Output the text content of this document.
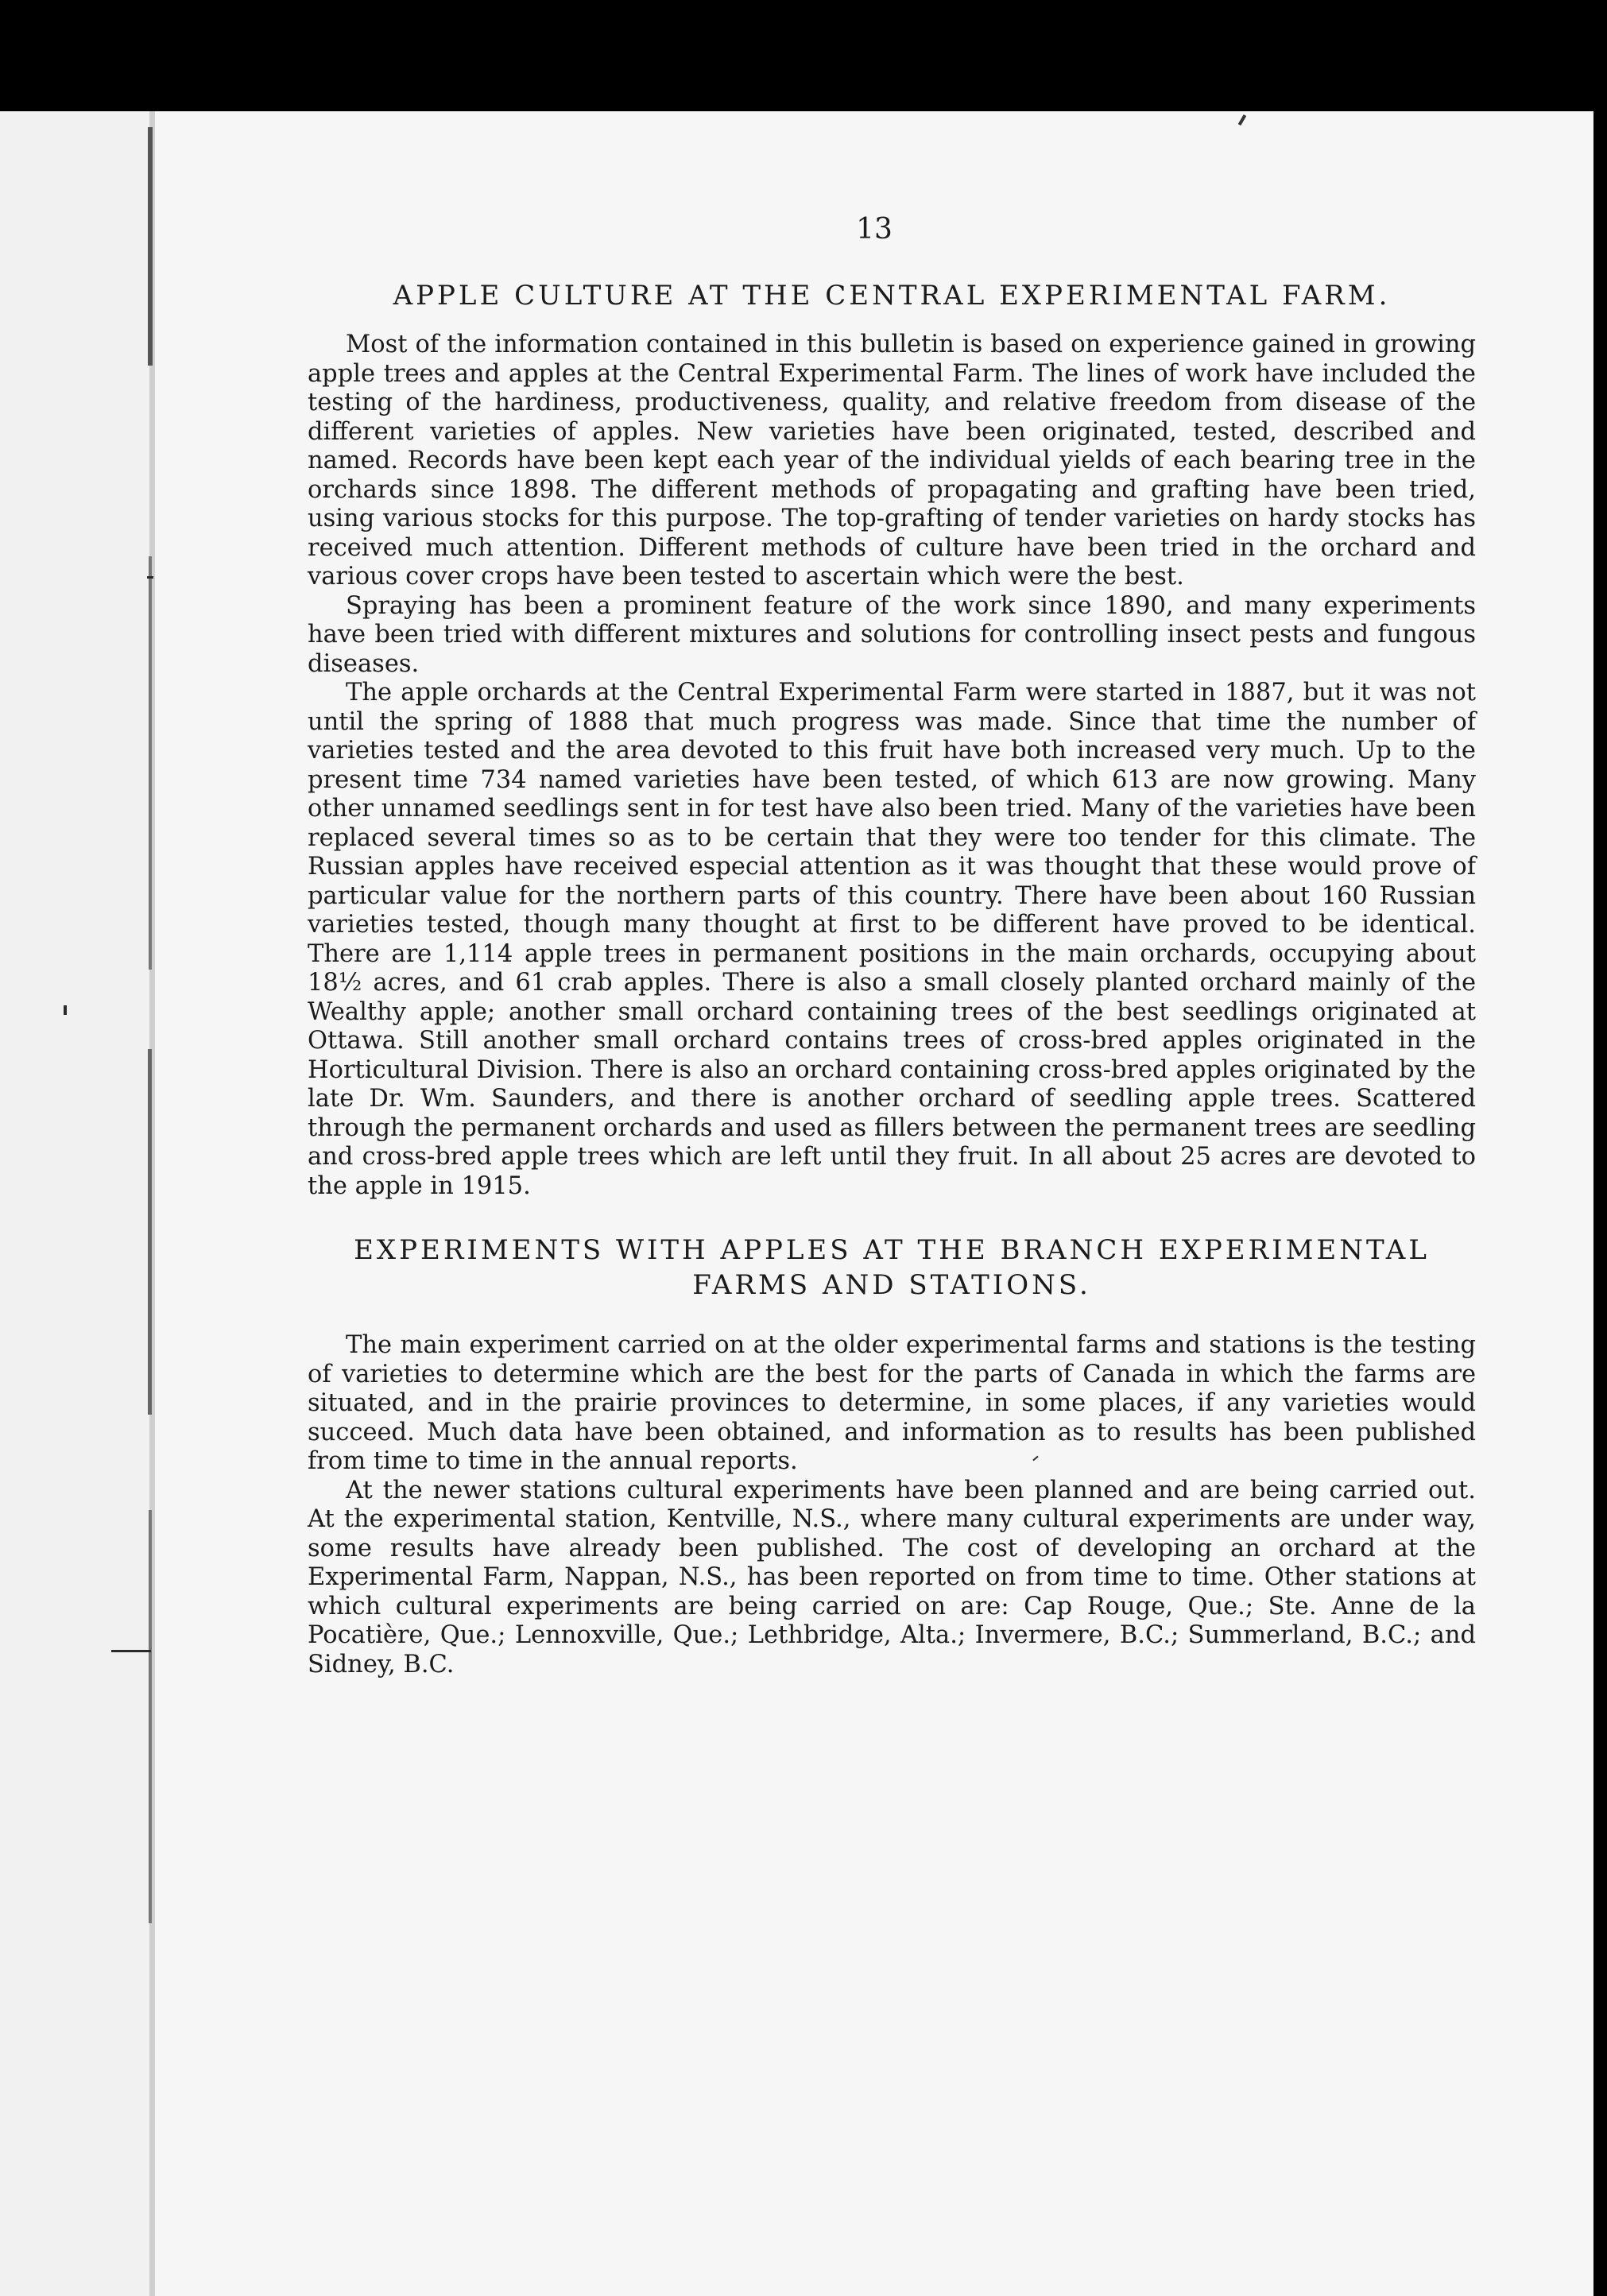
13
APPLE CULTURE AT THE CENTRAL EXPERIMENTAL FARM.

Most of the information contained in this bulletin is based on experience gained in growing apple trees and apples at the Central Experimental Farm. The lines of work have included the testing of the hardiness, productiveness, quality, and relative freedom from disease of the different varieties of apples. New varieties have been originated, tested, described and named. Records have been kept each year of the individual yields of each bearing tree in the orchards since 1898. The different methods of propagating and grafting have been tried, using various stocks for this purpose. The top-grafting of tender varieties on hardy stocks has received much attention. Different methods of culture have been tried in the orchard and various cover crops have been tested to ascertain which were the best.

Spraying has been a prominent feature of the work since 1890, and many experiments have been tried with different mixtures and solutions for controlling insect pests and fungous diseases.

The apple orchards at the Central Experimental Farm were started in 1887, but it was not until the spring of 1888 that much progress was made. Since that time the number of varieties tested and the area devoted to this fruit have both increased very much. Up to the present time 734 named varieties have been tested, of which 613 are now growing. Many other unnamed seedlings sent in for test have also been tried. Many of the varieties have been replaced several times so as to be certain that they were too tender for this climate. The Russian apples have received especial attention as it was thought that these would prove of particular value for the northern parts of this country. There have been about 160 Russian varieties tested, though many thought at first to be different have proved to be identical. There are 1,114 apple trees in permanent positions in the main orchards, occupying about 18½ acres, and 61 crab apples. There is also a small closely planted orchard mainly of the Wealthy apple; another small orchard containing trees of the best seedlings originated at Ottawa. Still another small orchard contains trees of cross-bred apples originated in the Horticultural Division. There is also an orchard containing cross-bred apples originated by the late Dr. Wm. Saunders, and there is another orchard of seedling apple trees. Scattered through the permanent orchards and used as fillers between the permanent trees are seedling and cross-bred apple trees which are left until they fruit. In all about 25 acres are devoted to the apple in 1915.

EXPERIMENTS WITH APPLES AT THE BRANCH EXPERIMENTAL FARMS AND STATIONS.

The main experiment carried on at the older experimental farms and stations is the testing of varieties to determine which are the best for the parts of Canada in which the farms are situated, and in the prairie provinces to determine, in some places, if any varieties would succeed. Much data have been obtained, and information as to results has been published from time to time in the annual reports.

At the newer stations cultural experiments have been planned and are being carried out. At the experimental station, Kentville, N.S., where many cultural experiments are under way, some results have already been published. The cost of developing an orchard at the Experimental Farm, Nappan, N.S., has been reported on from time to time. Other stations at which cultural experiments are being carried on are: Cap Rouge, Que.; Ste. Anne de la Pocatière, Que.; Lennoxville, Que.; Lethbridge, Alta.; Invermere, B.C.; Summerland, B.C.; and Sidney, B.C.
